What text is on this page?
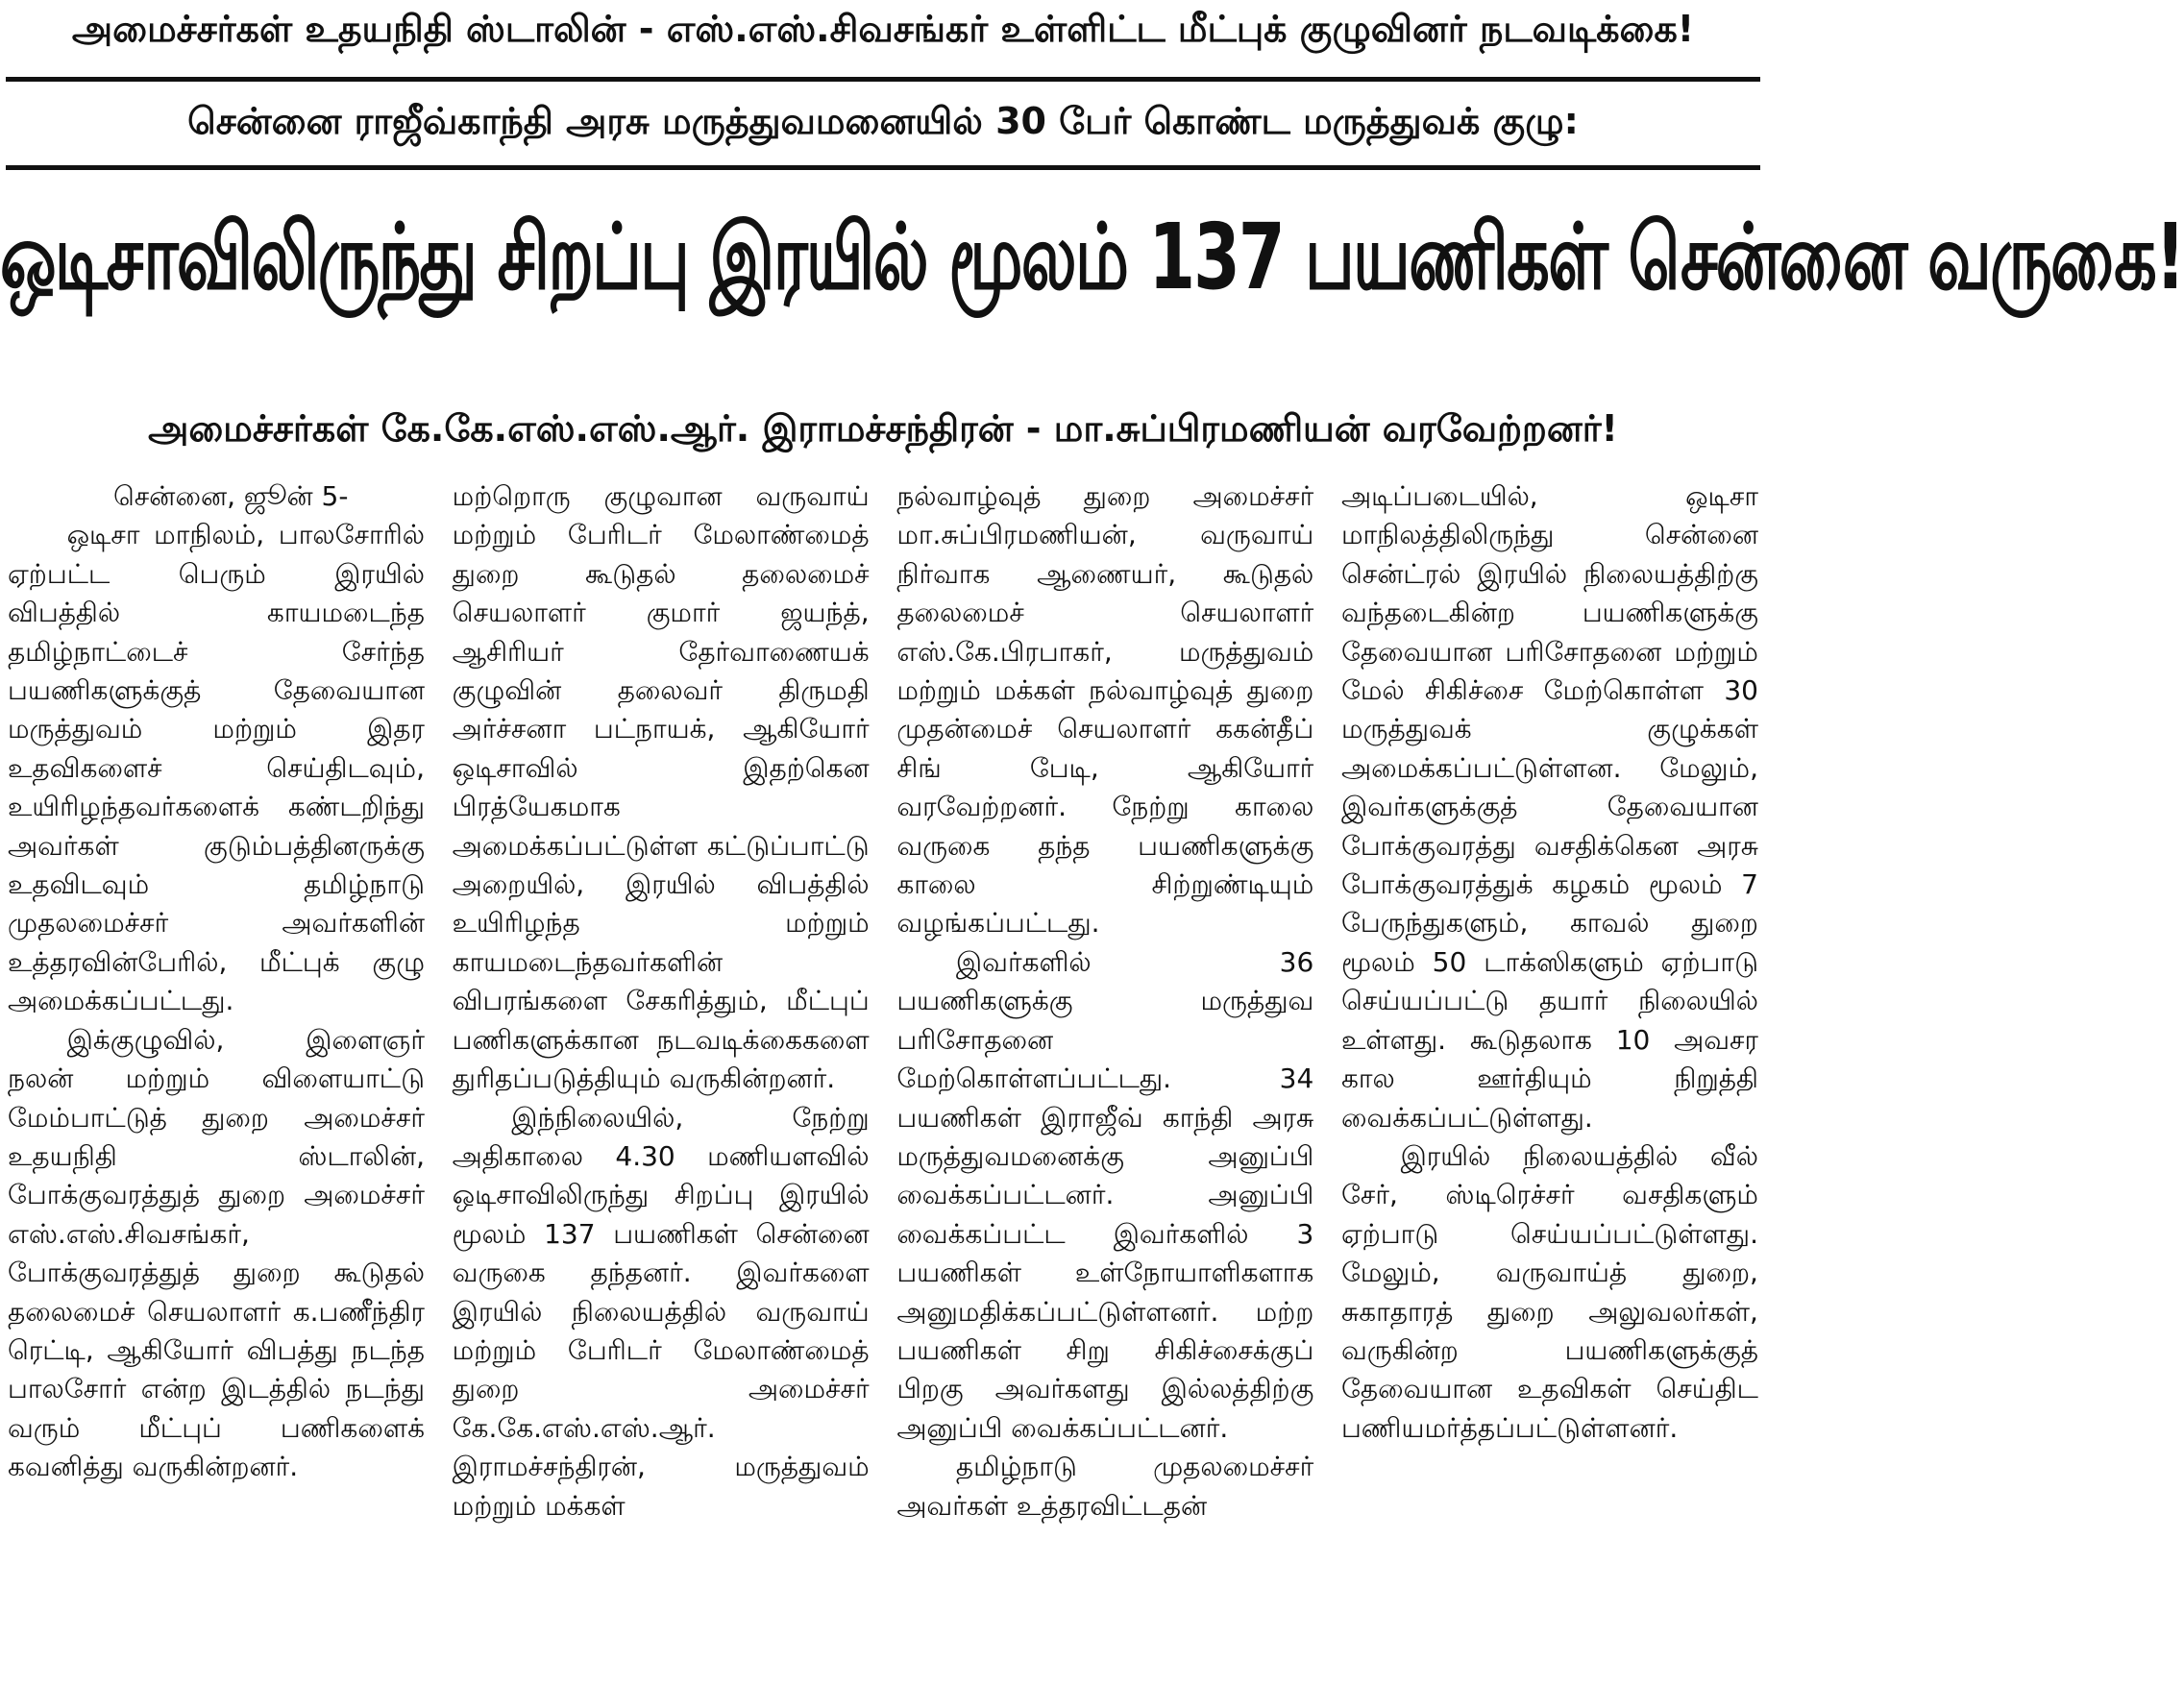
அமைச்சர்கள் உதயநிதி ஸ்டாலின் - எஸ்.எஸ்.சிவசங்கர் உள்ளிட்ட மீட்புக் குழுவினர் நடவடிக்கை!
சென்னை ராஜீவ்காந்தி அரசு மருத்துவமனையில் 30 பேர் கொண்ட மருத்துவக் குழு:
ஒடிசாவிலிருந்து சிறப்பு இரயில் மூலம் 137 பயணிகள் சென்னை வருகை!
அமைச்சர்கள் கே.கே.எஸ்.எஸ்.ஆர். இராமச்சந்திரன் - மா.சுப்பிரமணியன் வரவேற்றனர்!
சென்னை, ஜூன் 5-

ஒடிசா மாநிலம், பாலசோரில் ஏற்பட்ட பெரும் இரயில் விபத்தில் காயமடைந்த தமிழ்நாட்டைச் சேர்ந்த பயணிகளுக்குத் தேவையான மருத்துவம் மற்றும் இதர உதவிகளைச் செய்திடவும், உயிரிழந்தவர்களைக் கண்டறிந்து அவர்கள் குடும்பத்தினருக்கு உதவிடவும் தமிழ்நாடு முதலமைச்சர் அவர்களின் உத்தரவின்பேரில், மீட்புக் குழு அமைக்கப்பட்டது.

இக்குழுவில், இளைஞர் நலன் மற்றும் விளையாட்டு மேம்பாட்டுத் துறை அமைச்சர் உதயநிதி ஸ்டாலின், போக்குவரத்துத் துறை அமைச்சர் எஸ்.எஸ்.சிவசங்கர், போக்குவரத்துத் துறை கூடுதல் தலைமைச் செயலாளர் க.பணீந்திர ரெட்டி, ஆகியோர் விபத்து நடந்த பாலசோர் என்ற இடத்தில் நடந்து வரும் மீட்புப் பணிகளைக் கவனித்து வருகின்றனர்.

மற்றொரு குழுவான வருவாய் மற்றும் பேரிடர் மேலாண்மைத் துறை கூடுதல் தலைமைச் செயலாளர் குமார் ஜயந்த், ஆசிரியர் தேர்வாணையக் குழுவின் தலைவர் திருமதி அர்ச்சனா பட்நாயக், ஆகியோர் ஒடிசாவில் இதற்கென பிரத்யேகமாக அமைக்கப்பட்டுள்ள கட்டுப்பாட்டு அறையில், இரயில் விபத்தில் உயிரிழந்த மற்றும் காயமடைந்தவர்களின் விபரங்களை சேகரித்தும், மீட்புப் பணிகளுக்கான நடவடிக்கைகளை துரிதப்படுத்தியும் வருகின்றனர்.

இந்நிலையில், நேற்று அதிகாலை 4.30 மணியளவில் ஒடிசாவிலிருந்து சிறப்பு இரயில் மூலம் 137 பயணிகள் சென்னை வருகை தந்தனர். இவர்களை இரயில் நிலையத்தில் வருவாய் மற்றும் பேரிடர் மேலாண்மைத் துறை அமைச்சர் கே.கே.எஸ்.எஸ்.ஆர். இராமச்சந்திரன், மருத்துவம் மற்றும் மக்கள்

நல்வாழ்வுத் துறை அமைச்சர் மா.சுப்பிரமணியன், வருவாய் நிர்வாக ஆணையர், கூடுதல் தலைமைச் செயலாளர் எஸ்.கே.பிரபாகர், மருத்துவம் மற்றும் மக்கள் நல்வாழ்வுத் துறை முதன்மைச் செயலாளர் ககன்தீப் சிங் பேடி, ஆகியோர் வரவேற்றனர். நேற்று காலை வருகை தந்த பயணிகளுக்கு காலை சிற்றுண்டியும் வழங்கப்பட்டது.

இவர்களில் 36 பயணிகளுக்கு மருத்துவ பரிசோதனை மேற்கொள்ளப்பட்டது. 34 பயணிகள் இராஜீவ் காந்தி அரசு மருத்துவமனைக்கு அனுப்பி வைக்கப்பட்டனர். அனுப்பி வைக்கப்பட்ட இவர்களில் 3 பயணிகள் உள்நோயாளிகளாக அனுமதிக்கப்பட்டுள்ளனர். மற்ற பயணிகள் சிறு சிகிச்சைக்குப் பிறகு அவர்களது இல்லத்திற்கு அனுப்பி வைக்கப்பட்டனர்.

தமிழ்நாடு முதலமைச்சர் அவர்கள் உத்தரவிட்டதன்

அடிப்படையில், ஒடிசா மாநிலத்திலிருந்து சென்னை சென்ட்ரல் இரயில் நிலையத்திற்கு வந்தடைகின்ற பயணிகளுக்கு தேவையான பரிசோதனை மற்றும் மேல் சிகிச்சை மேற்கொள்ள 30 மருத்துவக் குழுக்கள் அமைக்கப்பட்டுள்ளன. மேலும், இவர்களுக்குத் தேவையான போக்குவரத்து வசதிக்கென அரசு போக்குவரத்துக் கழகம் மூலம் 7 பேருந்துகளும், காவல் துறை மூலம் 50 டாக்ஸிகளும் ஏற்பாடு செய்யப்பட்டு தயார் நிலையில் உள்ளது. கூடுதலாக 10 அவசர கால ஊர்தியும் நிறுத்தி வைக்கப்பட்டுள்ளது.

இரயில் நிலையத்தில் வீல் சேர், ஸ்டிரெச்சர் வசதிகளும் ஏற்பாடு செய்யப்பட்டுள்ளது. மேலும், வருவாய்த் துறை, சுகாதாரத் துறை அலுவலர்கள், வருகின்ற பயணிகளுக்குத் தேவையான உதவிகள் செய்திட பணியமர்த்தப்பட்டுள்ளனர்.
